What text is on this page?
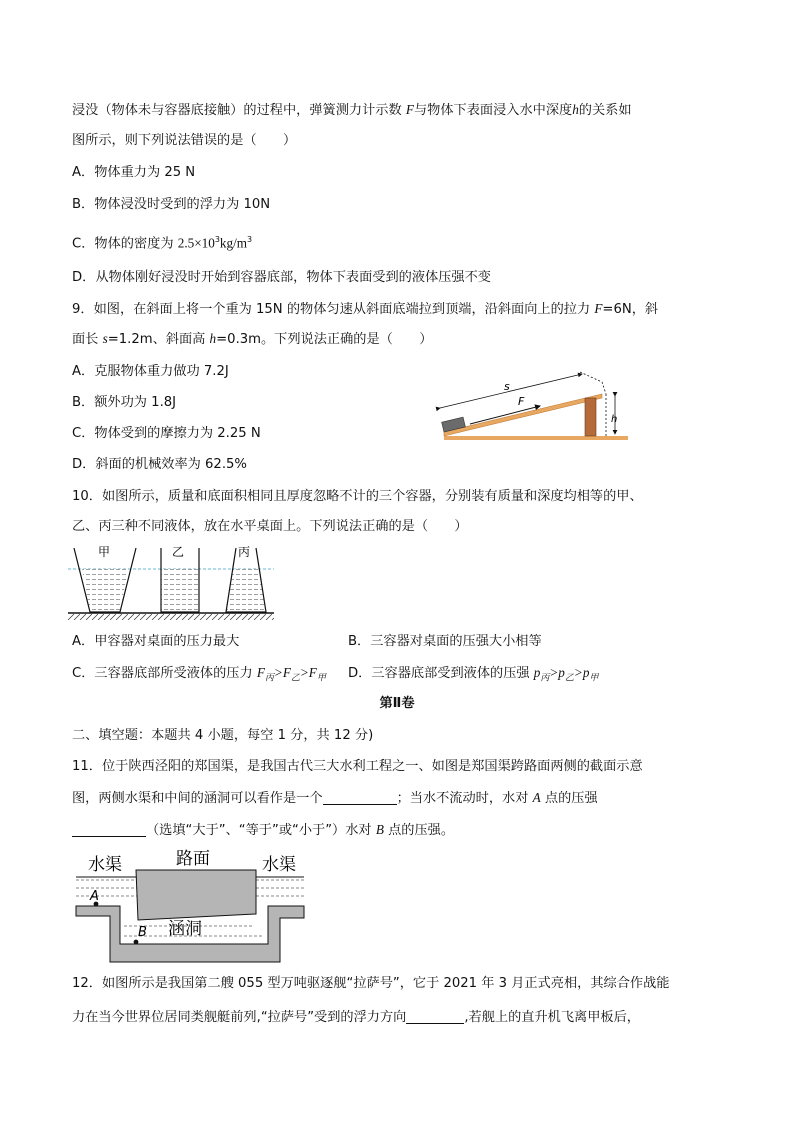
浸没（物体未与容器底接触）的过程中，弹簧测力计示数 F与物体下表面浸入水中深度h的关系如
图所示，则下列说法错误的是（　　）
A．物体重力为 25 N
B．物体浸没时受到的浮力为 10N
C．物体的密度为 $2.5\times 10^3kg/m^3$
D．从物体刚好浸没时开始到容器底部，物体下表面受到的液体压强不变
9．如图，在斜面上将一个重为 15N 的物体匀速从斜面底端拉到顶端，沿斜面向上的拉力 F=6N，斜
面长 s=1.2m、斜面高 h=0.3m。下列说法正确的是（　　）
A．克服物体重力做功 7.2J
B．额外功为 1.8J
C．物体受到的摩擦力为 2.25 N
D．斜面的机械效率为 62.5%
F
s
h
10．如图所示，质量和底面积相同且厚度忽略不计的三个容器，分别装有质量和深度均相等的甲、
乙、丙三种不同液体，放在水平桌面上。下列说法正确的是（　　）
甲	乙	丙
A．甲容器对桌面的压力最大	B．三容器对桌面的压强大小相等
C．三容器底部所受液体的压力 $F_丙>F_乙>F_甲$ D．三容器底部受到液体的压强 $p_丙>p_乙>p_甲$
第Ⅱ卷
二、填空题：本题共 4 小题，每空 1 分，共 12 分)
11．位于陕西泾阳的郑国渠，是我国古代三大水利工程之一、如图是郑国渠跨路面两侧的截面示意
图，两侧水渠和中间的涵洞可以看作是一个	；当水不流动时，水对 A 点的压强
（选填“大于”、“等于”或“小于”）水对 B 点的压强。
A
B
路面
水渠	水渠
涵洞
12．如图所示是我国第二艘 055 型万吨驱逐舰“拉萨号”，它于 2021 年 3 月正式亮相，其综合作战能
力在当今世界位居同类舰艇前列,“拉萨号”受到的浮力方向	,若舰上的直升机飞离甲板后，
